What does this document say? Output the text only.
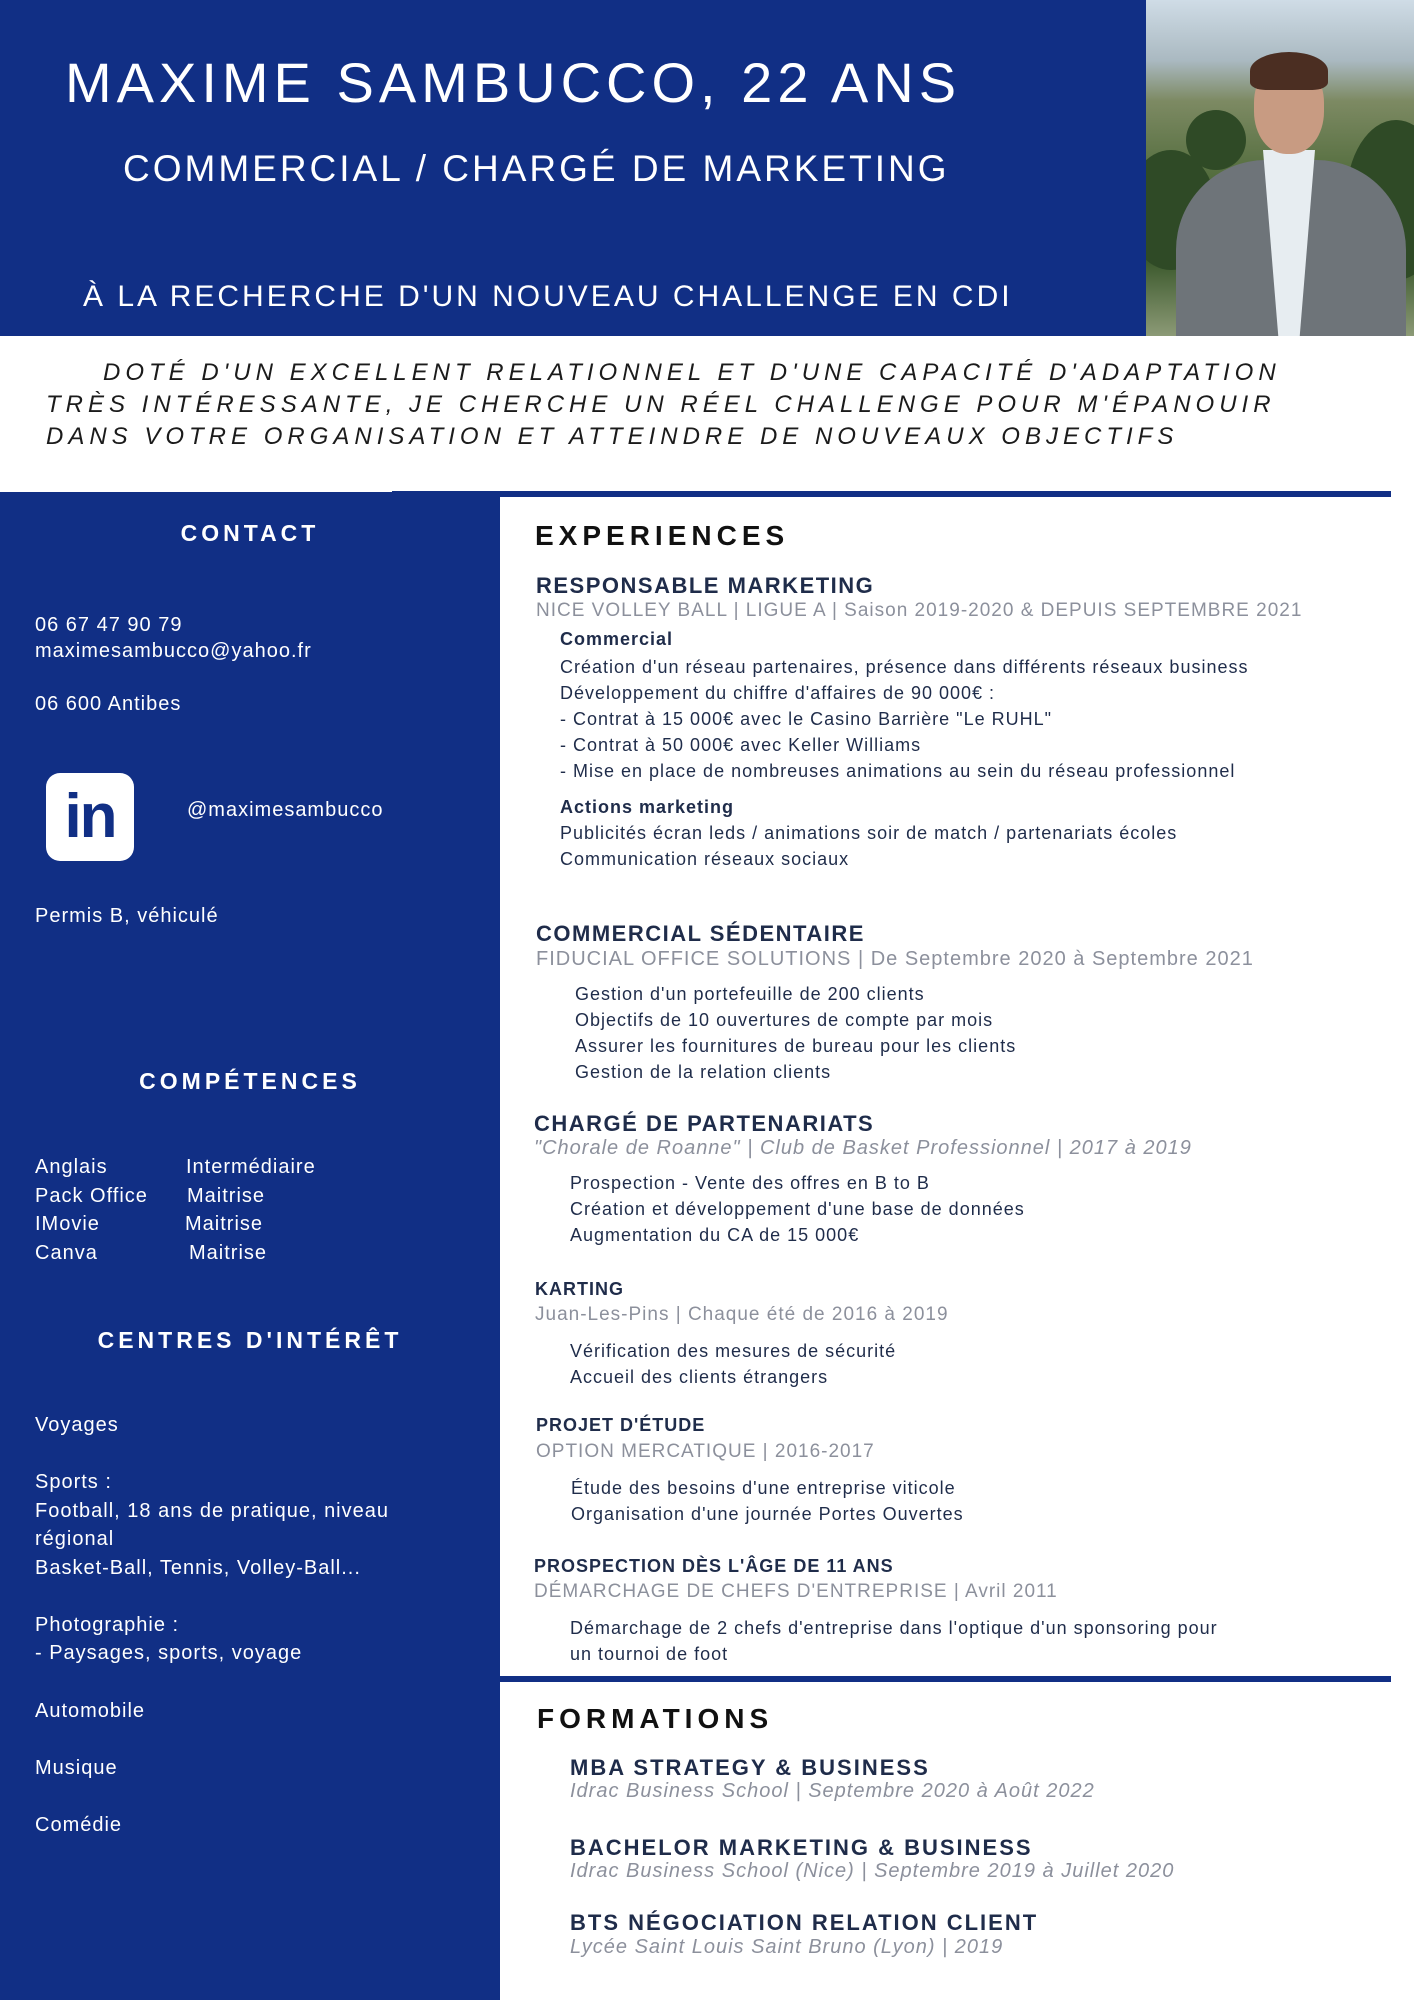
MAXIME SAMBUCCO, 22 ANS
COMMERCIAL / CHARGÉ DE MARKETING
À LA RECHERCHE D'UN NOUVEAU CHALLENGE EN CDI
DOTÉ D'UN EXCELLENT RELATIONNEL ET D'UNE CAPACITÉ D'ADAPTATION
TRÈS INTÉRESSANTE, JE CHERCHE UN RÉEL CHALLENGE POUR M'ÉPANOUIR
DANS VOTRE ORGANISATION ET ATTEINDRE DE NOUVEAUX OBJECTIFS
CONTACT
06 67 47 90 79
maximesambucco@yahoo.fr
06 600 Antibes
@maximesambucco
Permis B, véhiculé
COMPÉTENCES
Anglais	Intermédiaire
Pack Office Maitrise
IMovie	Maitrise
Canva	Maitrise
CENTRES D'INTÉRÊT
Voyages
Sports :
Football, 18 ans de pratique, niveau
régional
Basket-Ball, Tennis, Volley-Ball...
Photographie :
- Paysages, sports, voyage
Automobile
Musique
Comédie
in
EXPERIENCES
RESPONSABLE MARKETING
NICE VOLLEY BALL | LIGUE A | Saison 2019-2020 & DEPUIS SEPTEMBRE 2021
Commercial
Création d'un réseau partenaires, présence dans différents réseaux business
Développement du chiffre d'affaires de 90 000€ :
- Contrat à 15 000€ avec le Casino Barrière "Le RUHL"
- Contrat à 50 000€ avec Keller Williams
- Mise en place de nombreuses animations au sein du réseau professionnel
Actions marketing
Publicités écran leds / animations soir de match / partenariats écoles
Communication réseaux sociaux
COMMERCIAL SÉDENTAIRE
FIDUCIAL OFFICE SOLUTIONS | De Septembre 2020 à Septembre 2021
Gestion d'un portefeuille de 200 clients
Objectifs de 10 ouvertures de compte par mois
Assurer les fournitures de bureau pour les clients
Gestion de la relation clients
CHARGÉ DE PARTENARIATS
"Chorale de Roanne" | Club de Basket Professionnel | 2017 à 2019
Prospection - Vente des offres en B to B
Création et développement d'une base de données
Augmentation du CA de 15 000€
KARTING
Juan-Les-Pins | Chaque été de 2016 à 2019
Vérification des mesures de sécurité
Accueil des clients étrangers
PROJET D'ÉTUDE
OPTION MERCATIQUE | 2016-2017
Étude des besoins d'une entreprise viticole
Organisation d'une journée Portes Ouvertes
PROSPECTION DÈS L'ÂGE DE 11 ANS
DÉMARCHAGE DE CHEFS D'ENTREPRISE | Avril 2011
Démarchage de 2 chefs d'entreprise dans l'optique d'un sponsoring pour
un tournoi de foot
FORMATIONS
MBA STRATEGY & BUSINESS
Idrac Business School | Septembre 2020 à Août 2022
BACHELOR MARKETING & BUSINESS
Idrac Business School (Nice) | Septembre 2019 à Juillet 2020
BTS NÉGOCIATION RELATION CLIENT
Lycée Saint Louis Saint Bruno (Lyon) | 2019
